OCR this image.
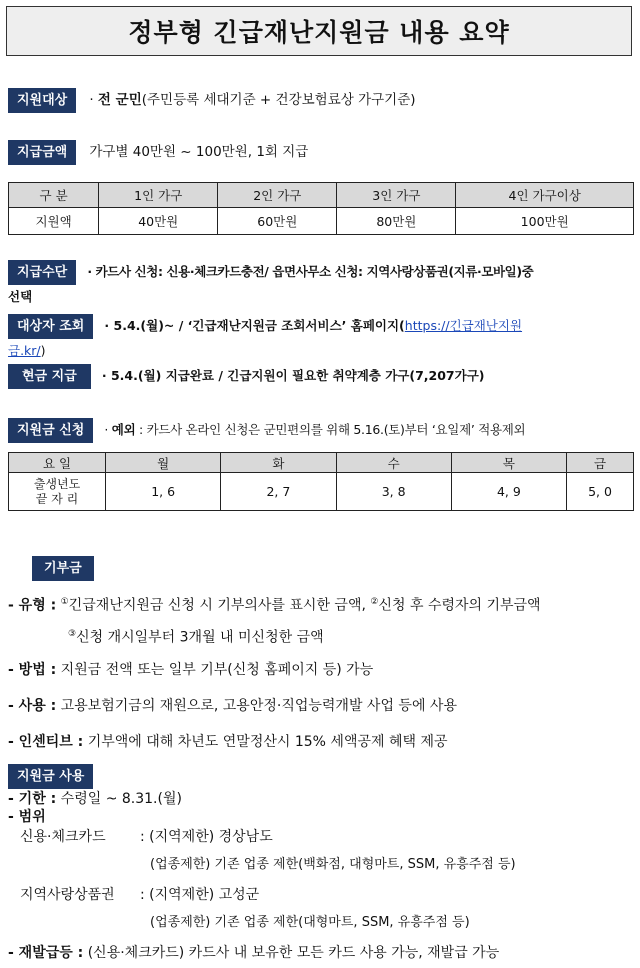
정부형 긴급재난지원금 내용 요약
지원대상 · 전 군민(주민등록 세대기준 + 건강보험료상 가구기준)
지급금액 가구별 40만원 ~ 100만원, 1회 지급
구 분	1인 가구	2인 가구	3인 가구	4인 가구이상
지원액	40만원	60만원	80만원	100만원
지급수단 · 카드사 신청: 신용·체크카드충전/ 읍면사무소 신청: 지역사랑상품권(지류·모바일)중
선택
대상자 조회 · 5.4.(월)~ / ‘긴급재난지원금 조회서비스’ 홈페이지(https://긴급재난지원
금.kr/)
현금 지급 · 5.4.(월) 지급완료 / 긴급지원이 필요한 취약계층 가구(7,207가구)
지원금 신청 · 예외 : 카드사 온라인 신청은 군민편의를 위해 5.16.(토)부터 ‘요일제’ 적용제외
요 일	월	화	수	목	금

출생년도
끝 자 리	1, 6	2, 7	3, 8	4, 9	5, 0
기부금
- 유형 : ①긴급재난지원금 신청 시 기부의사를 표시한 금액, ②신청 후 수령자의 기부금액
③신청 개시일부터 3개월 내 미신청한 금액
- 방법 : 지원금 전액 또는 일부 기부(신청 홈페이지 등) 가능
- 사용 : 고용보험기금의 재원으로, 고용안정·직업능력개발 사업 등에 사용
- 인센티브 : 기부액에 대해 차년도 연말정산시 15% 세액공제 혜택 제공
지원금 사용
- 기한 : 수령일 ~ 8.31.(월)
- 범위
신용·체크카드 : (지역제한) 경상남도
(업종제한) 기존 업종 제한(백화점, 대형마트, SSM, 유흥주점 등)
지역사랑상품권 : (지역제한) 고성군
(업종제한) 기존 업종 제한(대형마트, SSM, 유흥주점 등)
- 재발급등 : (신용·체크카드) 카드사 내 보유한 모든 카드 사용 가능, 재발급 가능
